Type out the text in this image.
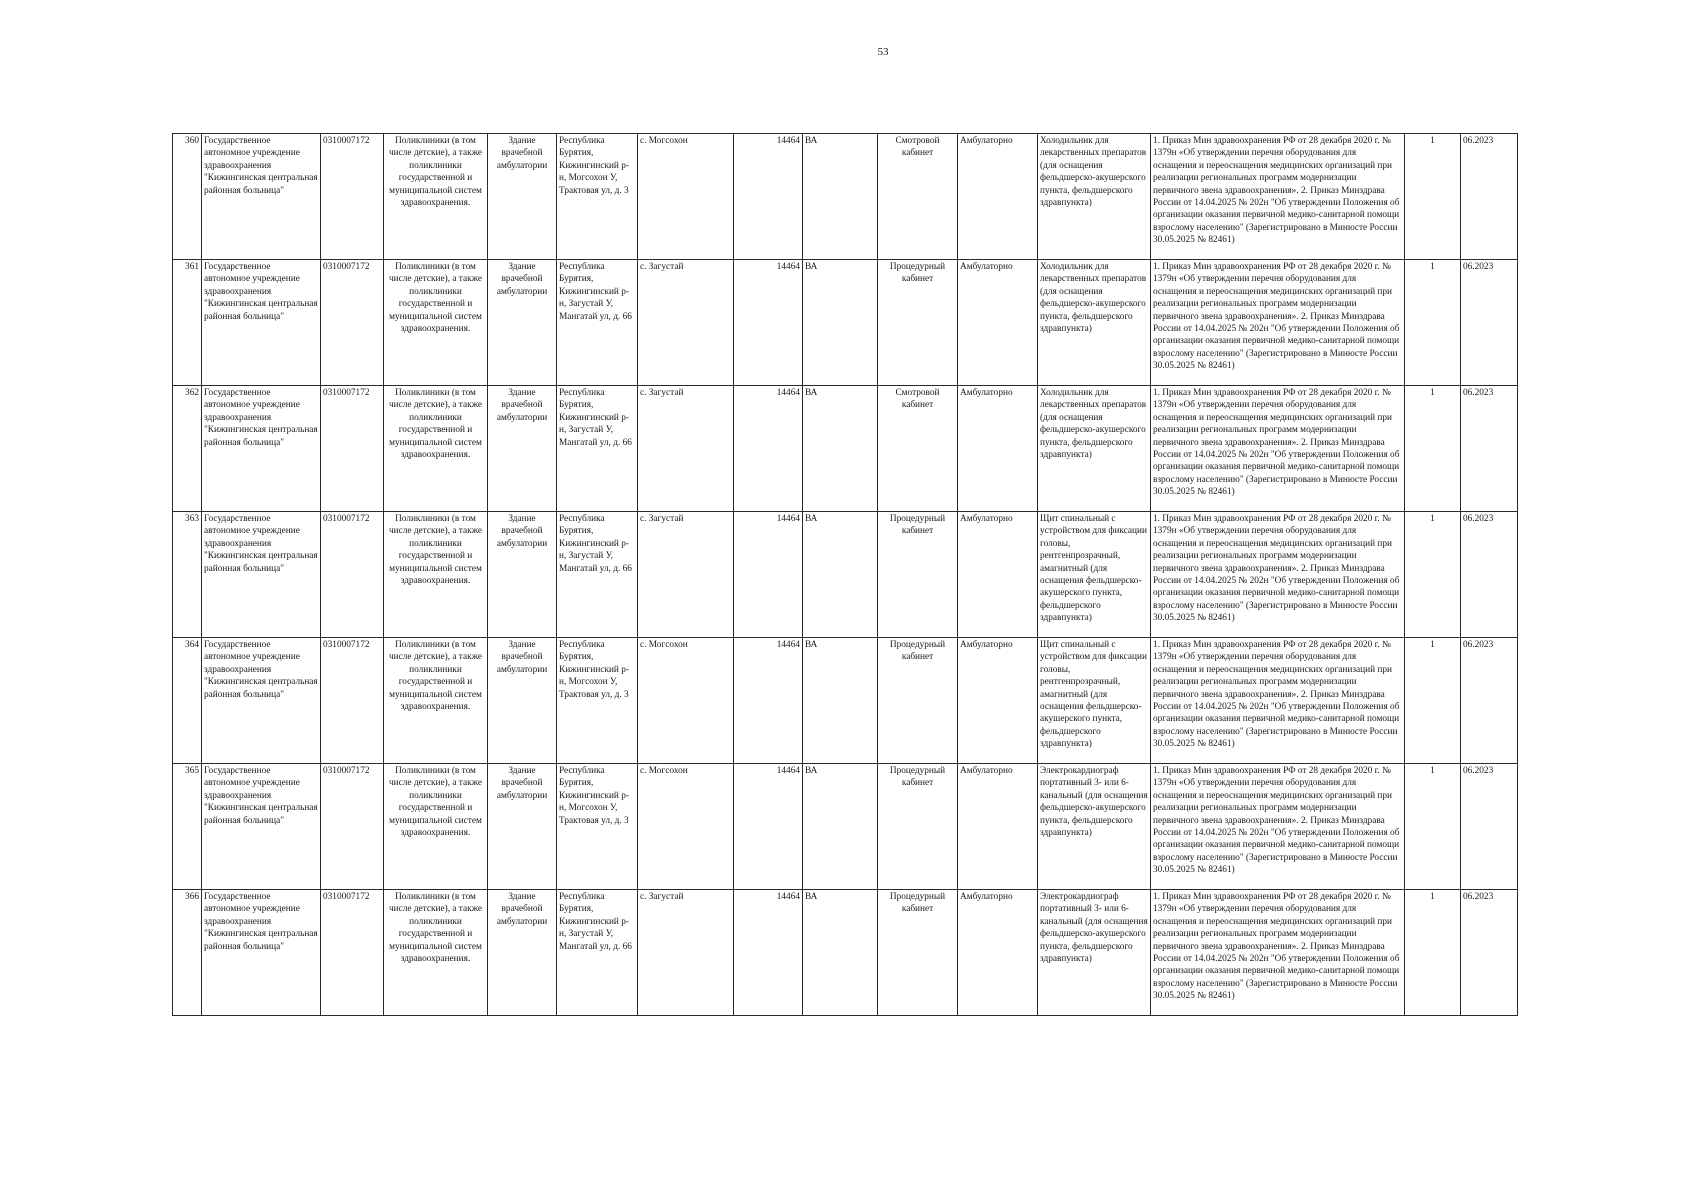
53
360	Государственное автономное учреждение здравоохранения "Кижингинская центральная районная больница"	0310007172	Поликлиники (в том числе детские), а также поликлиники государственной и муниципальной систем здравоохранения.	Здание врачебной амбулатории	Республика Бурятия, Кижингинский р-н, Могсохон У, Трактовая ул, д. 3	с. Могсохон	14464	ВА	Смотровой кабинет	Амбулаторно	Холодильник для лекарственных препаратов (для оснащения фельдшерско-акушерского пункта, фельдшерского здравпункта)	1. Приказ Мин здравоохранения РФ от 28 декабря 2020 г. № 1379н «Об утверждении перечня оборудования для оснащения и переоснащения медицинских организаций при реализации региональных программ модернизации первичного звена здравоохранения». 2. Приказ Минздрава России от 14.04.2025 № 202н "Об утверждении Положения об организации оказания первичной медико-санитарной помощи взрослому населению" (Зарегистрировано в Минюсте России 30.05.2025 № 82461)	1	06.2023
361	Государственное автономное учреждение здравоохранения "Кижингинская центральная районная больница"	0310007172	Поликлиники (в том числе детские), а также поликлиники государственной и муниципальной систем здравоохранения.	Здание врачебной амбулатории	Республика Бурятия, Кижингинский р-н, Загустай У, Мангатай ул, д. 66	с. Загустай	14464	ВА	Процедурный кабинет	Амбулаторно	Холодильник для лекарственных препаратов (для оснащения фельдшерско-акушерского пункта, фельдшерского здравпункта)	1. Приказ Мин здравоохранения РФ от 28 декабря 2020 г. № 1379н «Об утверждении перечня оборудования для оснащения и переоснащения медицинских организаций при реализации региональных программ модернизации первичного звена здравоохранения». 2. Приказ Минздрава России от 14.04.2025 № 202н "Об утверждении Положения об организации оказания первичной медико-санитарной помощи взрослому населению" (Зарегистрировано в Минюсте России 30.05.2025 № 82461)	1	06.2023
362	Государственное автономное учреждение здравоохранения "Кижингинская центральная районная больница"	0310007172	Поликлиники (в том числе детские), а также поликлиники государственной и муниципальной систем здравоохранения.	Здание врачебной амбулатории	Республика Бурятия, Кижингинский р-н, Загустай У, Мангатай ул, д. 66	с. Загустай	14464	ВА	Смотровой кабинет	Амбулаторно	Холодильник для лекарственных препаратов (для оснащения фельдшерско-акушерского пункта, фельдшерского здравпункта)	1. Приказ Мин здравоохранения РФ от 28 декабря 2020 г. № 1379н «Об утверждении перечня оборудования для оснащения и переоснащения медицинских организаций при реализации региональных программ модернизации первичного звена здравоохранения». 2. Приказ Минздрава России от 14.04.2025 № 202н "Об утверждении Положения об организации оказания первичной медико-санитарной помощи взрослому населению" (Зарегистрировано в Минюсте России 30.05.2025 № 82461)	1	06.2023
363	Государственное автономное учреждение здравоохранения "Кижингинская центральная районная больница"	0310007172	Поликлиники (в том числе детские), а также поликлиники государственной и муниципальной систем здравоохранения.	Здание врачебной амбулатории	Республика Бурятия, Кижингинский р-н, Загустай У, Мангатай ул, д. 66	с. Загустай	14464	ВА	Процедурный кабинет	Амбулаторно	Щит спинальный с устройством для фиксации головы, рентгенпрозрачный, амагнитный (для оснащения фельдшерско-акушерского пункта, фельдшерского здравпункта)	1. Приказ Мин здравоохранения РФ от 28 декабря 2020 г. № 1379н «Об утверждении перечня оборудования для оснащения и переоснащения медицинских организаций при реализации региональных программ модернизации первичного звена здравоохранения». 2. Приказ Минздрава России от 14.04.2025 № 202н "Об утверждении Положения об организации оказания первичной медико-санитарной помощи взрослому населению" (Зарегистрировано в Минюсте России 30.05.2025 № 82461)	1	06.2023
364	Государственное автономное учреждение здравоохранения "Кижингинская центральная районная больница"	0310007172	Поликлиники (в том числе детские), а также поликлиники государственной и муниципальной систем здравоохранения.	Здание врачебной амбулатории	Республика Бурятия, Кижингинский р-н, Могсохон У, Трактовая ул, д. 3	с. Могсохон	14464	ВА	Процедурный кабинет	Амбулаторно	Щит спинальный с устройством для фиксации головы, рентгенпрозрачный, амагнитный (для оснащения фельдшерско-акушерского пункта, фельдшерского здравпункта)	1. Приказ Мин здравоохранения РФ от 28 декабря 2020 г. № 1379н «Об утверждении перечня оборудования для оснащения и переоснащения медицинских организаций при реализации региональных программ модернизации первичного звена здравоохранения». 2. Приказ Минздрава России от 14.04.2025 № 202н "Об утверждении Положения об организации оказания первичной медико-санитарной помощи взрослому населению" (Зарегистрировано в Минюсте России 30.05.2025 № 82461)	1	06.2023
365	Государственное автономное учреждение здравоохранения "Кижингинская центральная районная больница"	0310007172	Поликлиники (в том числе детские), а также поликлиники государственной и муниципальной систем здравоохранения.	Здание врачебной амбулатории	Республика Бурятия, Кижингинский р-н, Могсохон У, Трактовая ул, д. 3	с. Могсохон	14464	ВА	Процедурный кабинет	Амбулаторно	Электрокардиограф портативный 3- или 6-канальный (для оснащения фельдшерско-акушерского пункта, фельдшерского здравпункта)	1. Приказ Мин здравоохранения РФ от 28 декабря 2020 г. № 1379н «Об утверждении перечня оборудования для оснащения и переоснащения медицинских организаций при реализации региональных программ модернизации первичного звена здравоохранения». 2. Приказ Минздрава России от 14.04.2025 № 202н "Об утверждении Положения об организации оказания первичной медико-санитарной помощи взрослому населению" (Зарегистрировано в Минюсте России 30.05.2025 № 82461)	1	06.2023
366	Государственное автономное учреждение здравоохранения "Кижингинская центральная районная больница"	0310007172	Поликлиники (в том числе детские), а также поликлиники государственной и муниципальной систем здравоохранения.	Здание врачебной амбулатории	Республика Бурятия, Кижингинский р-н, Загустай У, Мангатай ул, д. 66	с. Загустай	14464	ВА	Процедурный кабинет	Амбулаторно	Электрокардиограф портативный 3- или 6-канальный (для оснащения фельдшерско-акушерского пункта, фельдшерского здравпункта)	1. Приказ Мин здравоохранения РФ от 28 декабря 2020 г. № 1379н «Об утверждении перечня оборудования для оснащения и переоснащения медицинских организаций при реализации региональных программ модернизации первичного звена здравоохранения». 2. Приказ Минздрава России от 14.04.2025 № 202н "Об утверждении Положения об организации оказания первичной медико-санитарной помощи взрослому населению" (Зарегистрировано в Минюсте России 30.05.2025 № 82461)	1	06.2023
